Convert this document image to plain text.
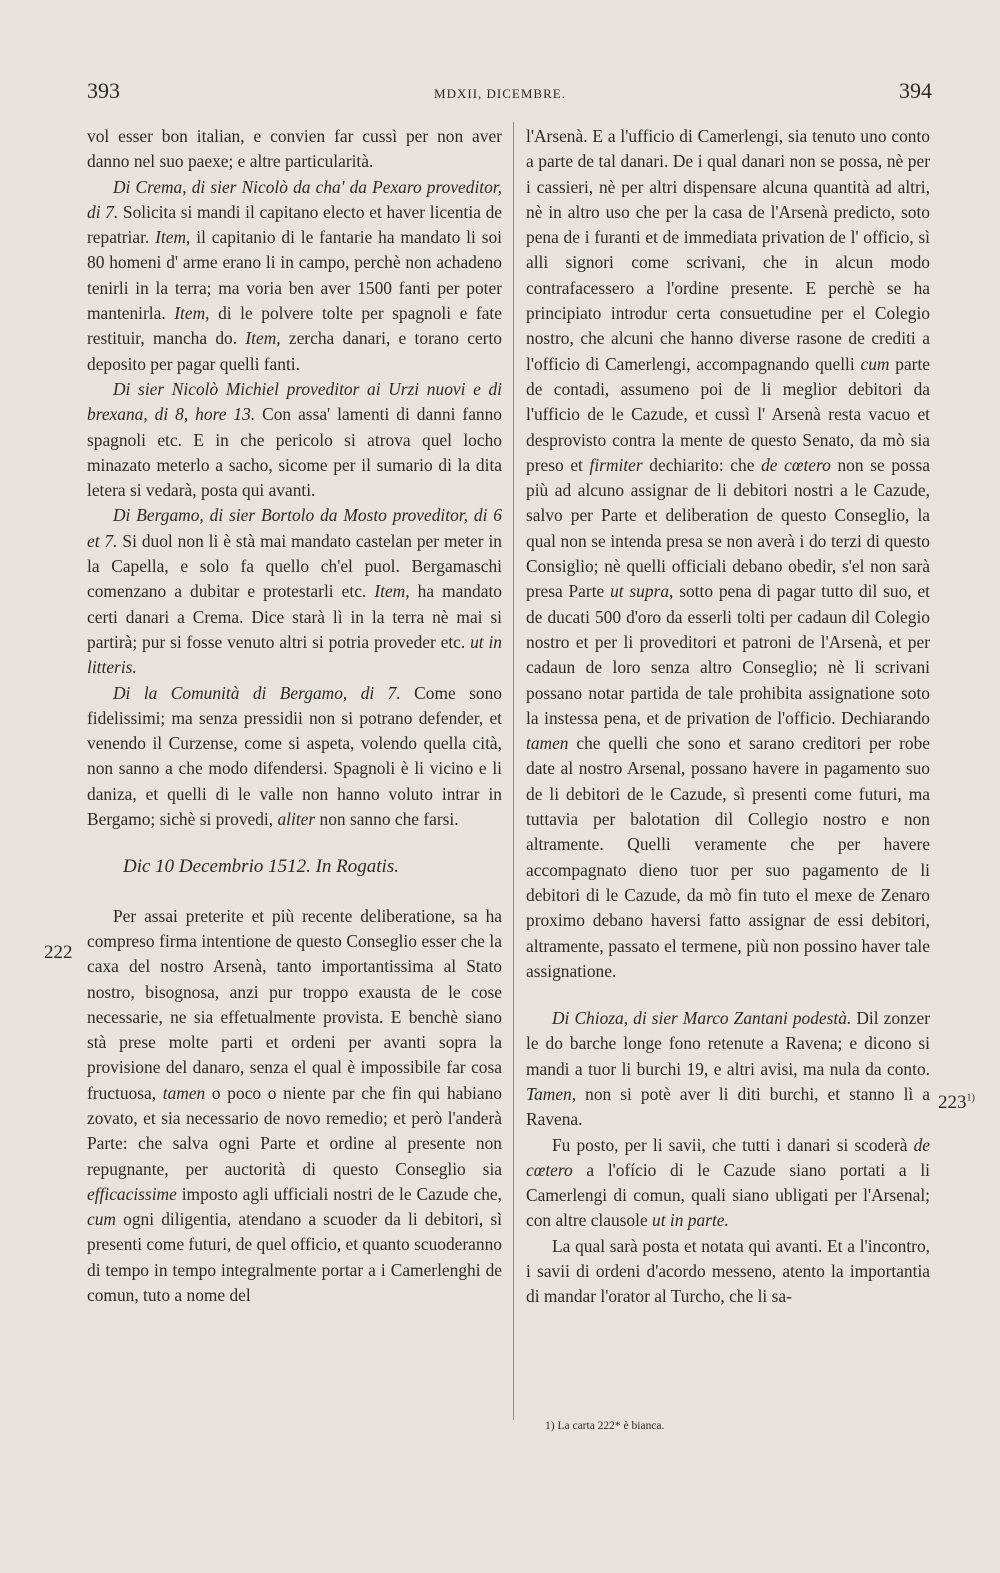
393	MDXII, DICEMBRE.	394

vol esser bon italian, e convien far cussì per non aver danno nel suo paexe; e altre particularità.

Di Crema, di sier Nicolò da cha' da Pexaro proveditor, di 7. Solicita si mandi il capitano electo et haver licentia de repatriar. Item, il capitanio di le fantarie ha mandato li soi 80 homeni d' arme erano li in campo, perchè non achadeno tenirli in la terra; ma voria ben aver 1500 fanti per poter mantenirla. Item, di le polvere tolte per spagnoli e fate restituir, mancha do. Item, zercha danari, e torano certo deposito per pagar quelli fanti.

Di sier Nicolò Michiel proveditor ai Urzi nuovi e di brexana, di 8, hore 13. Con assa' lamenti di danni fanno spagnoli etc. E in che pericolo si atrova quel locho minazato meterlo a sacho, sicome per il sumario di la dita letera si vedarà, posta qui avanti.

Di Bergamo, di sier Bortolo da Mosto proveditor, di 6 et 7. Si duol non li è stà mai mandato castelan per meter in la Capella, e solo fa quello ch'el puol. Bergamaschi comenzano a dubitar e protestarli etc. Item, ha mandato certi danari a Crema. Dice starà lì in la terra nè mai si partirà; pur si fosse venuto altri si potria proveder etc. ut in litteris.

Di la Comunità di Bergamo, di 7. Come sono fidelissimi; ma senza pressidii non si potrano defender, et venendo il Curzense, come si aspeta, volendo quella cità, non sanno a che modo difendersi. Spagnoli è li vicino e li daniza, et quelli di le valle non hanno voluto intrar in Bergamo; sichè si provedi, aliter non sanno che farsi.

Dic 10 Decembrio 1512. In Rogatis.

Per assai preterite et più recente deliberatione, sa ha compreso firma intentione de questo Conseglio esser che la caxa del nostro Arsenà, tanto importantissima al Stato nostro, bisognosa, anzi pur troppo exausta de le cose necessarie, ne sia effetualmente provista. E benchè siano stà prese molte parti et ordeni per avanti sopra la provisione del danaro, senza el qual è impossibile far cosa fructuosa, tamen o poco o niente par che fin qui habiano zovato, et sia necessario de novo remedio; et però l'anderà Parte: che salva ogni Parte et ordine al presente non repugnante, per auctorità di questo Conseglio sia efficacissime imposto agli ufficiali nostri de le Cazude che, cum ogni diligentia, atendano a scuoder da li debitori, sì presenti come futuri, de quel officio, et quanto scuoderanno di tempo in tempo integralmente portar a i Camerlenghi de comun, tuto a nome del

l'Arsenà. E a l'ufficio di Camerlengi, sia tenuto uno conto a parte de tal danari. De i qual danari non se possa, nè per i cassieri, nè per altri dispensare alcuna quantità ad altri, nè in altro uso che per la casa de l'Arsenà predicto, soto pena de i furanti et de immediata privation de l' officio, sì alli signori come scrivani, che in alcun modo contrafacessero a l'ordine presente. E perchè se ha principiato introdur certa consuetudine per el Colegio nostro, che alcuni che hanno diverse rasone de crediti a l'officio di Camerlengi, accompagnando quelli cum parte de contadi, assumeno poi de li meglior debitori da l'ufficio de le Cazude, et cussì l' Arsenà resta vacuo et desprovisto contra la mente de questo Senato, da mò sia preso et firmiter dechiarito: che de cœtero non se possa più ad alcuno assignar de li debitori nostri a le Cazude, salvo per Parte et deliberation de questo Conseglio, la qual non se intenda presa se non averà i do terzi di questo Consiglio; nè quelli officiali debano obedir, s'el non sarà presa Parte ut supra, sotto pena di pagar tutto dil suo, et de ducati 500 d'oro da esserli tolti per cadaun dil Colegio nostro et per li proveditori et patroni de l'Arsenà, et per cadaun de loro senza altro Conseglio; nè li scrivani possano notar partida de tale prohibita assignatione soto la instessa pena, et de privation de l'officio. Dechiarando tamen che quelli che sono et sarano creditori per robe date al nostro Arsenal, possano havere in pagamento suo de li debitori de le Cazude, sì presenti come futuri, ma tuttavia per balotation dil Collegio nostro e non altramente. Quelli veramente che per havere accompagnato dieno tuor per suo pagamento de li debitori di le Cazude, da mò fin tuto el mexe de Zenaro proximo debano haversi fatto assignar de essi debitori, altramente, passato el termene, più non possino haver tale assignatione.

Di Chioza, di sier Marco Zantani podestà. Dil zonzer le do barche longe fono retenute a Ravena; e dicono si mandi a tuor li burchi 19, e altri avisi, ma nula da conto. Tamen, non si potè aver li diti burchi, et stanno lì a Ravena.

Fu posto, per li savii, che tutti i danari si scoderà de cœtero a l'ofício di le Cazude siano portati a li Camerlengi di comun, quali siano ubligati per l'Arsenal; con altre clausole ut in parte.

La qual sarà posta et notata qui avanti. Et a l'incontro, i savii di ordeni d'acordo messeno, atento la importantia di mandar l'orator al Turcho, che li sa-

222
223$^{1)}$
1) La carta 222* è bianca.
